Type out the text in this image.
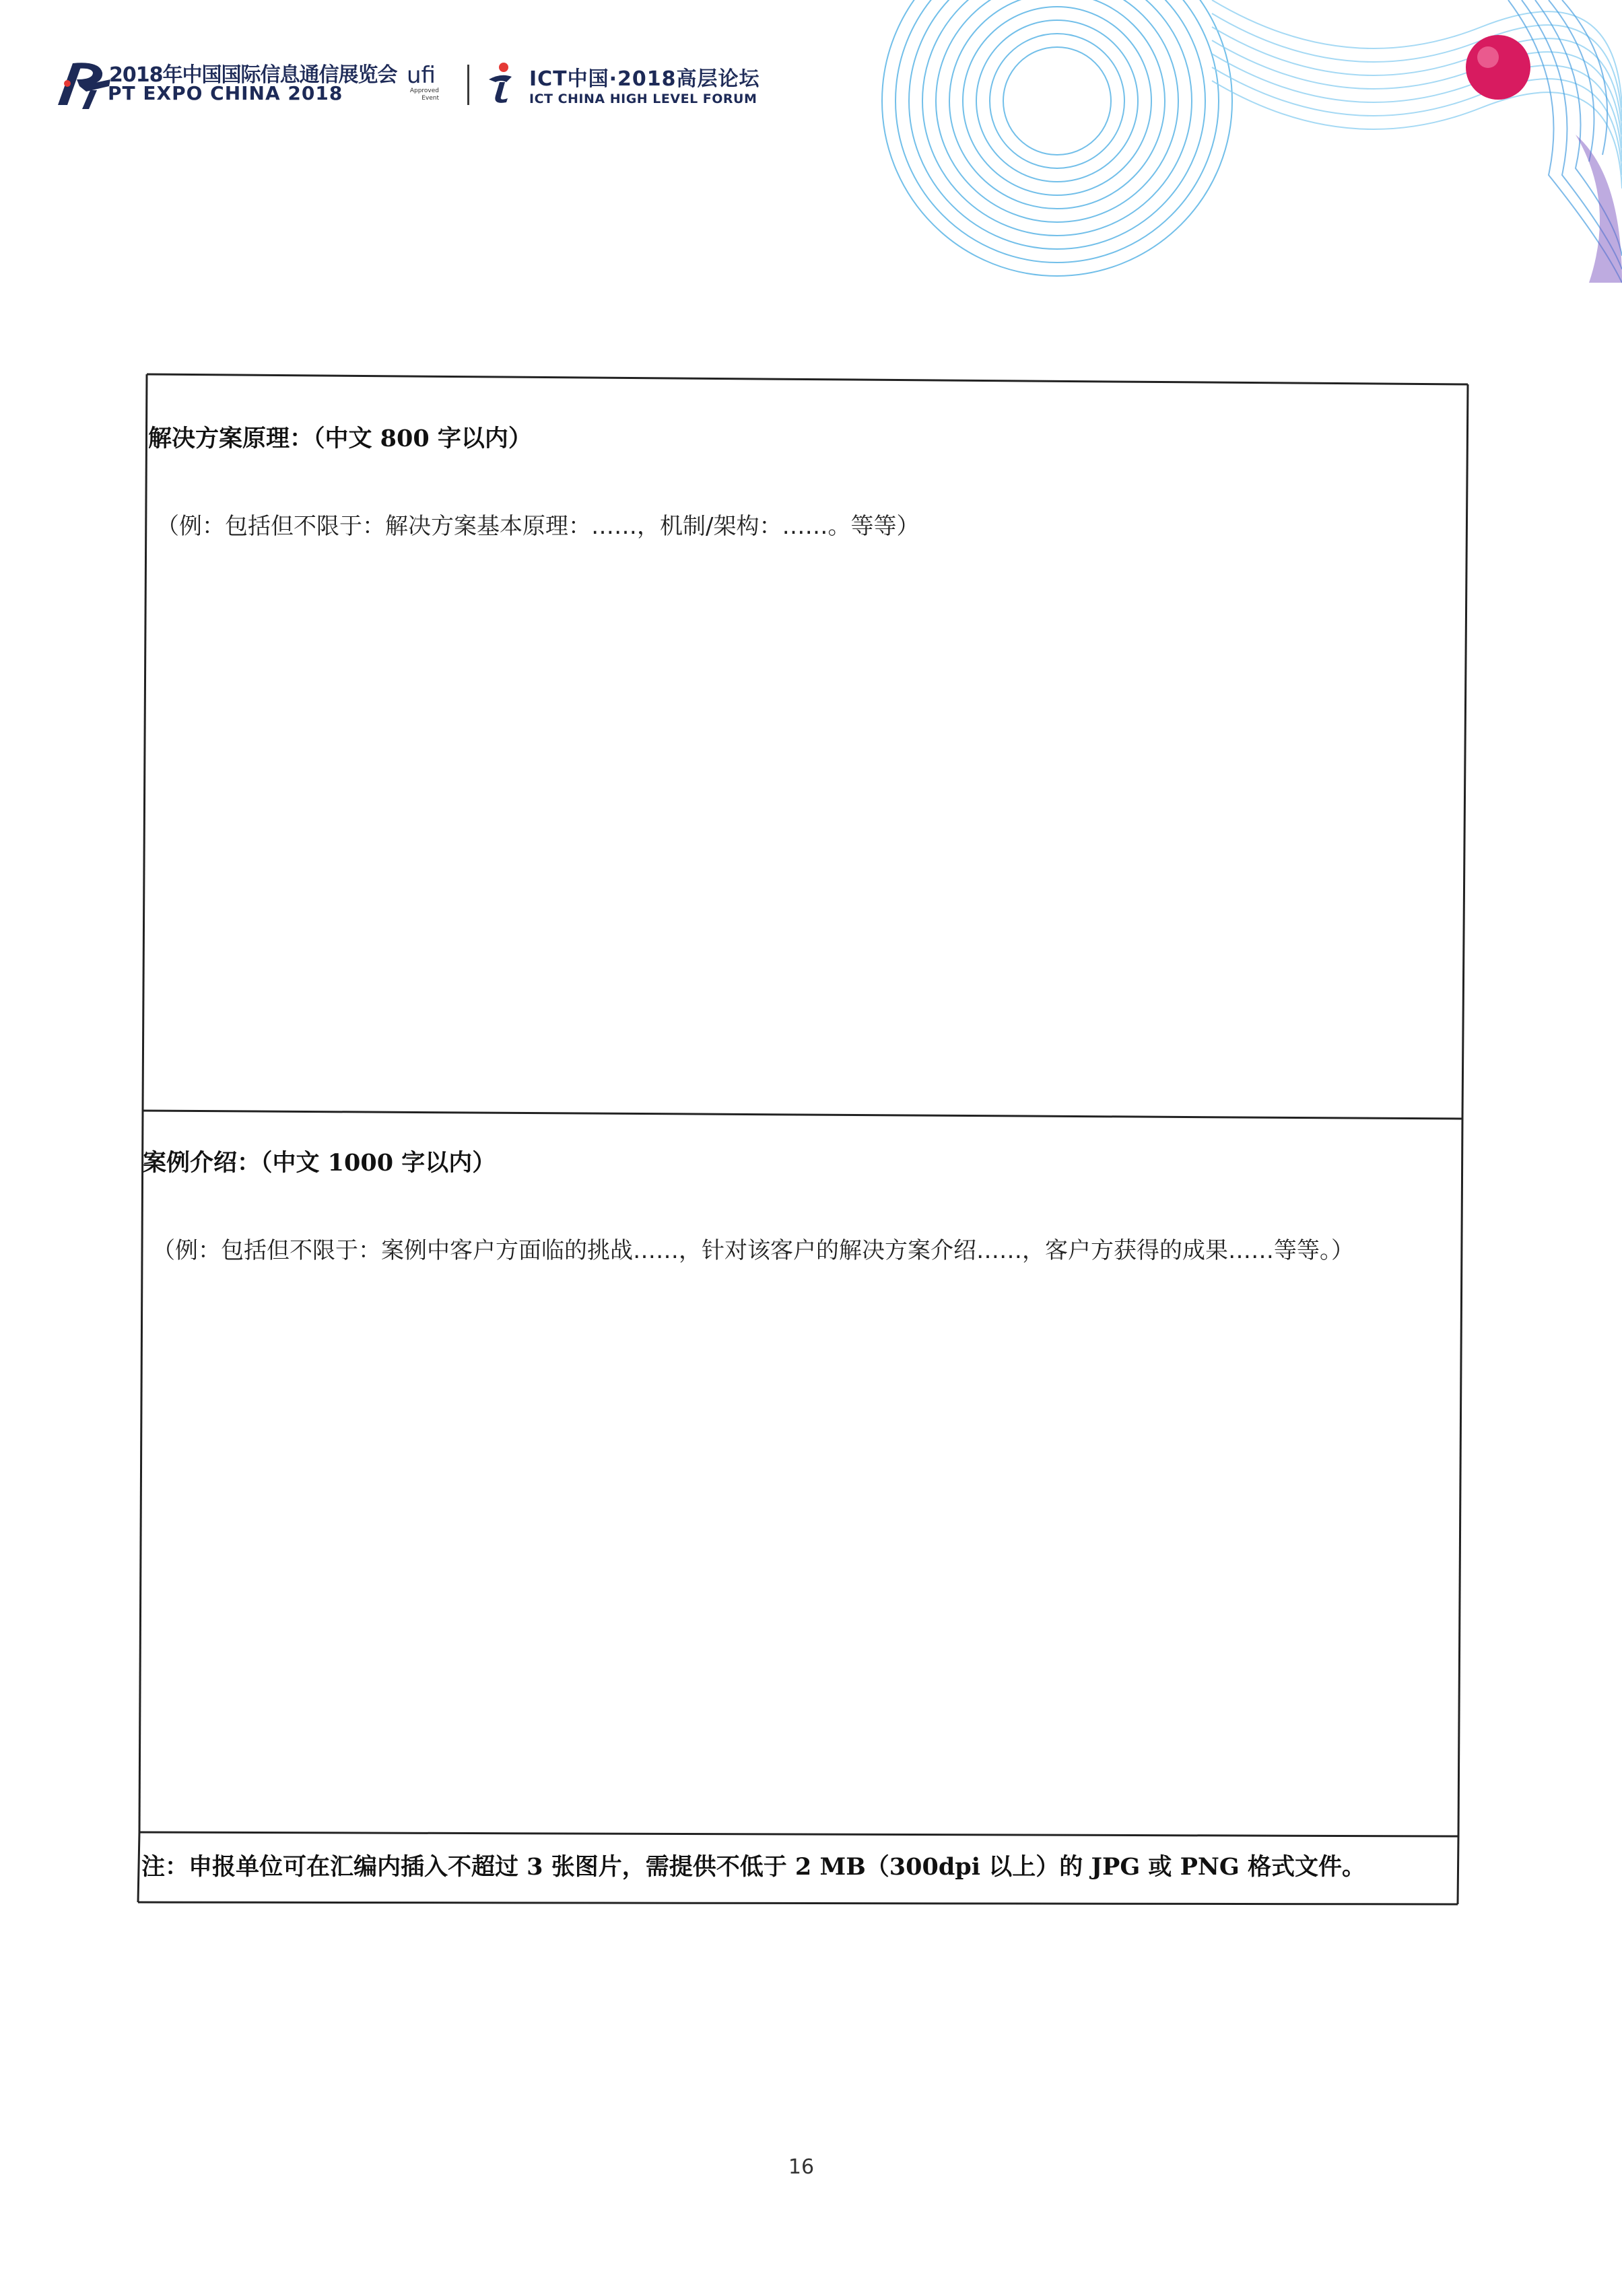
2018年中国国际信息通信展览会
PT EXPO CHINA 2018
ufi
Approved
Event
ICT中国·2018高层论坛
ICT CHINA HIGH LEVEL FORUM
解决方案原理：（中文 800 字以内）
（例：包括但不限于：解决方案基本原理：……，机制/架构：……。等等）
案例介绍：（中文 1000 字以内）
（例：包括但不限于：案例中客户方面临的挑战……，针对该客户的解决方案介绍……，客户方获得的成果……等等。）
注：申报单位可在汇编内插入不超过 3 张图片，需提供不低于 2 MB（300dpi 以上）的 JPG 或 PNG 格式文件。
16
